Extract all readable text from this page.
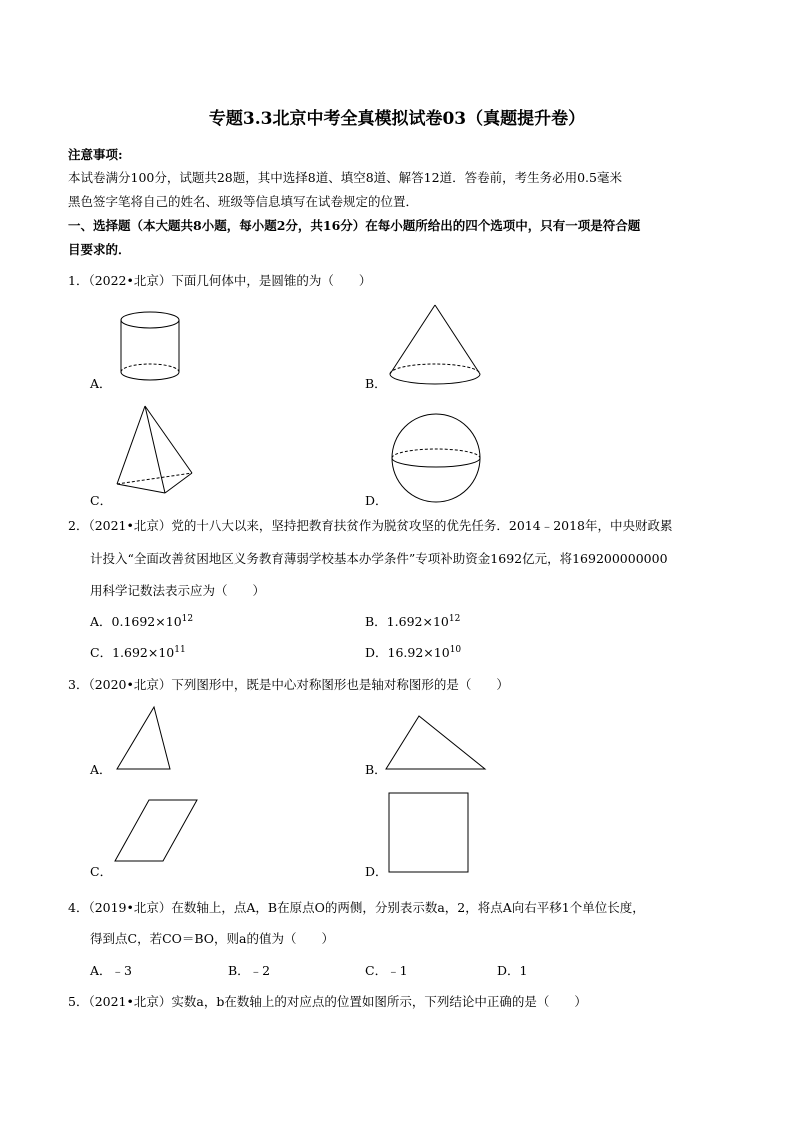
专题3.3北京中考全真模拟试卷03（真题提升卷）
注意事项:
本试卷满分100分，试题共28题，其中选择8道、填空8道、解答12道．答卷前，考生务必用0.5毫米
黑色签字笔将自己的姓名、班级等信息填写在试卷规定的位置．
一、选择题（本大题共8小题，每小题2分，共16分）在每小题所给出的四个选项中，只有一项是符合题
目要求的．
1．（2022•北京）下面几何体中，是圆锥的为（　　）
A．	B．
C．	D．
2．（2021•北京）党的十八大以来，坚持把教育扶贫作为脱贫攻坚的优先任务．2014﹣2018年，中央财政累
计投入“全面改善贫困地区义务教育薄弱学校基本办学条件”专项补助资金1692亿元，将169200000000
用科学记数法表示应为（　　）
A．$0.1692\times 10^{12}$	B．$1.692\times 10^{12}$
C．$1.692\times 10^{11}$	D．$16.92\times 10^{10}$
3．（2020•北京）下列图形中，既是中心对称图形也是轴对称图形的是（　　）
A．	B．
C．	D．
4．（2019•北京）在数轴上，点A，B在原点O的两侧，分别表示数a，2，将点A向右平移1个单位长度，
得到点C，若CO＝BO，则a的值为（　　）
A．﹣3	B．﹣2	C．﹣1	D．1
5．（2021•北京）实数a，b在数轴上的对应点的位置如图所示，下列结论中正确的是（　　）
